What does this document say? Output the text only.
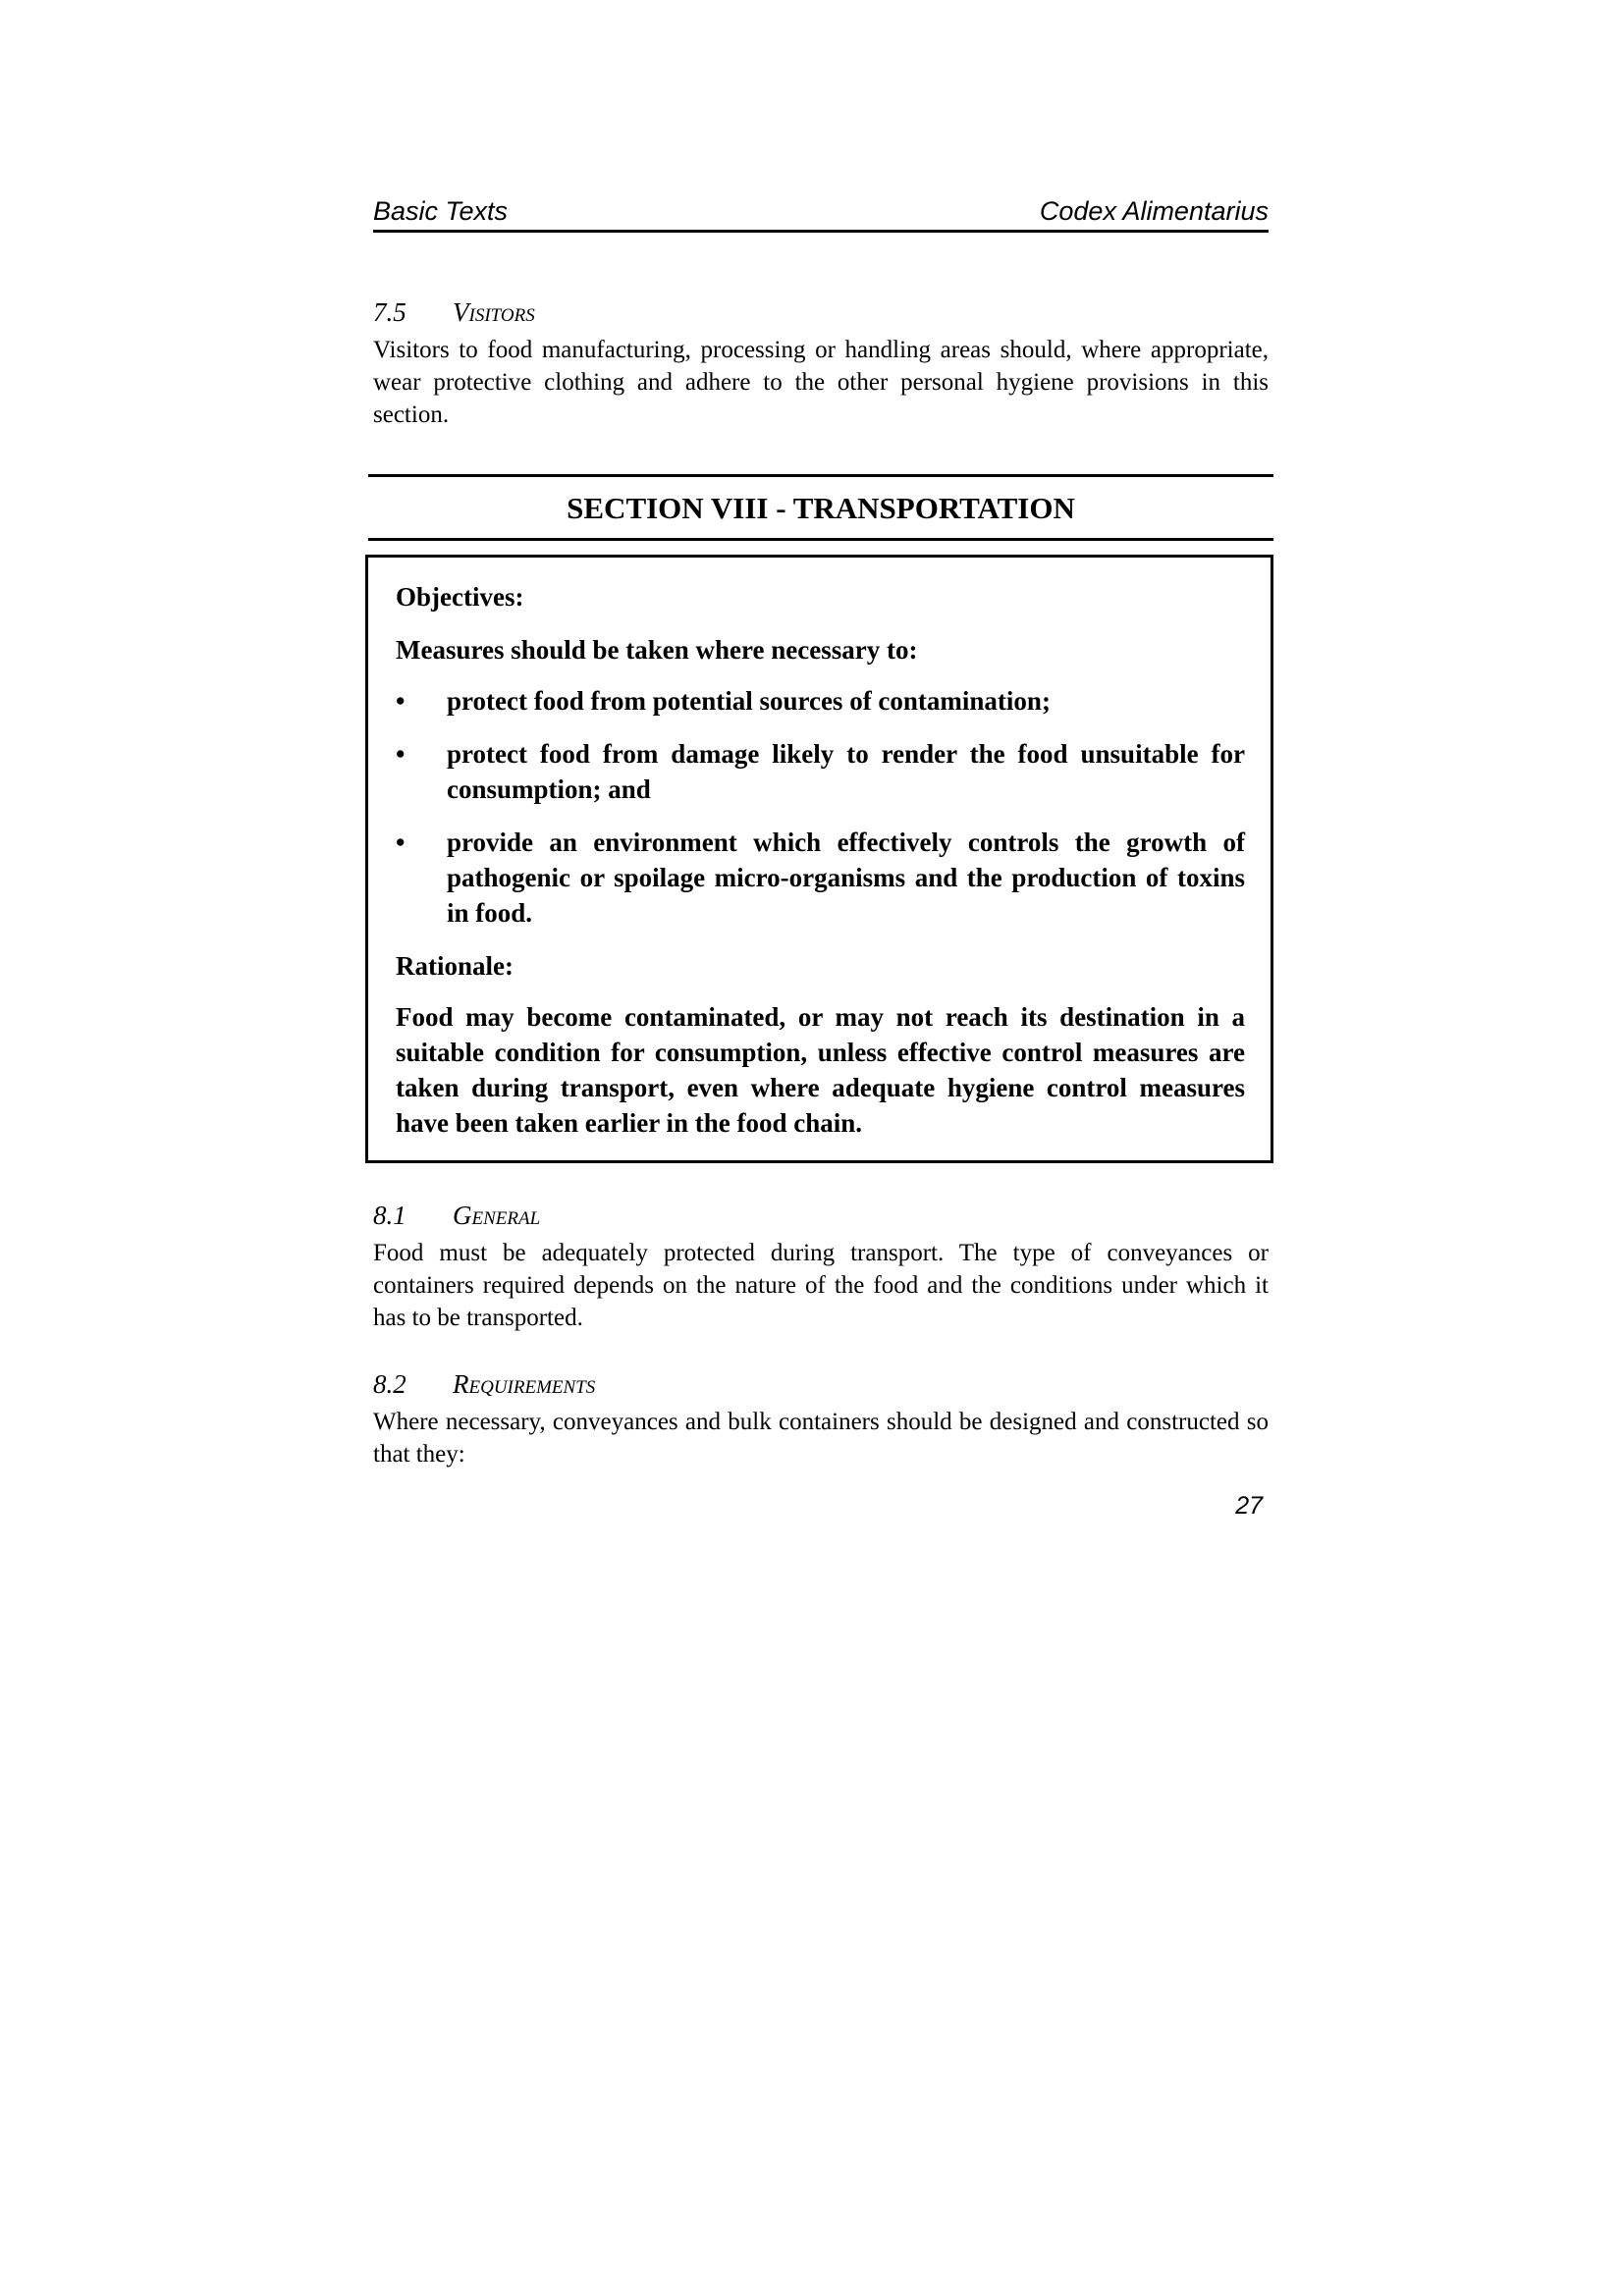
Basic Texts	Codex Alimentarius
7.5	Visitors
Visitors to food manufacturing, processing or handling areas should, where appropriate, wear protective clothing and adhere to the other personal hygiene provisions in this section.
SECTION VIII - TRANSPORTATION

Objectives:

Measures should be taken where necessary to:

•	protect food from potential sources of contamination;
•	protect food from damage likely to render the food unsuitable for consumption; and
•	provide an environment which effectively controls the growth of pathogenic or spoilage micro-organisms and the production of toxins in food.

Rationale:

Food may become contaminated, or may not reach its destination in a suitable condition for consumption, unless effective control measures are taken during transport, even where adequate hygiene control measures have been taken earlier in the food chain.

8.1	General
Food must be adequately protected during transport. The type of conveyances or containers required depends on the nature of the food and the conditions under which it has to be transported.
8.2	Requirements
Where necessary, conveyances and bulk containers should be designed and constructed so that they:
27
